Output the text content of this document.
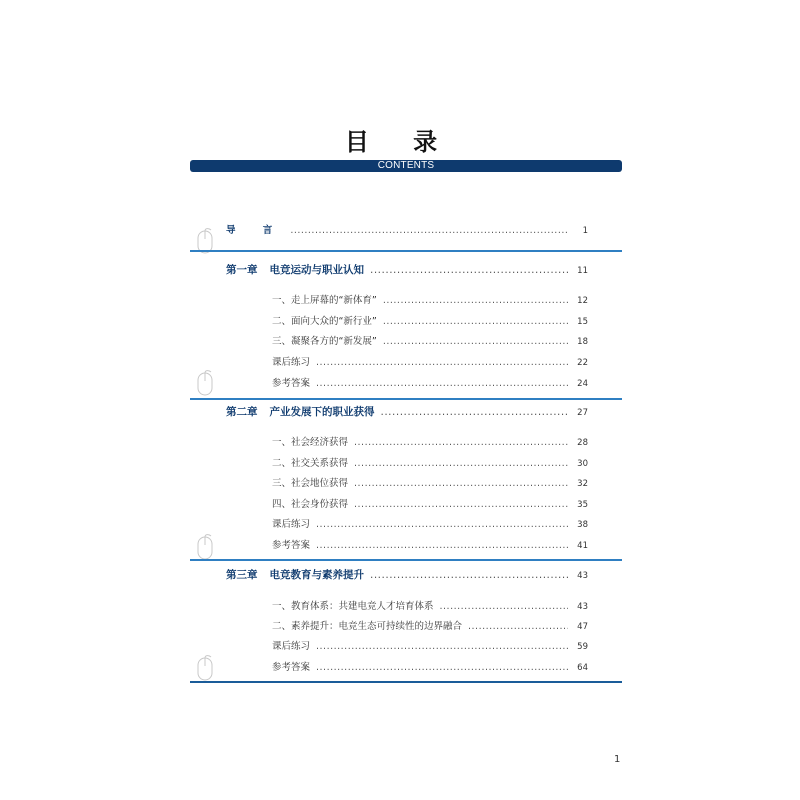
目 录
CONTENTS
导 言 .....	1
第一章 电竞运动与职业认知 .....	11
一、走上屏幕的“新体育” .....	12
二、面向大众的“新行业” .....	15
三、凝聚各方的“新发展” .....	18
课后练习 .....	22
参考答案 .....	24
第二章 产业发展下的职业获得 .....	27
一、社会经济获得 .....	28
二、社交关系获得 .....	30
三、社会地位获得 .....	32
四、社会身份获得 .....	35
课后练习 .....	38
参考答案 .....	41
第三章 电竞教育与素养提升 .....	43
一、教育体系：共建电竞人才培育体系 .....	43
二、素养提升：电竞生态可持续性的边界融合 .....	47
课后练习 .....	59
参考答案 .....	64
1
